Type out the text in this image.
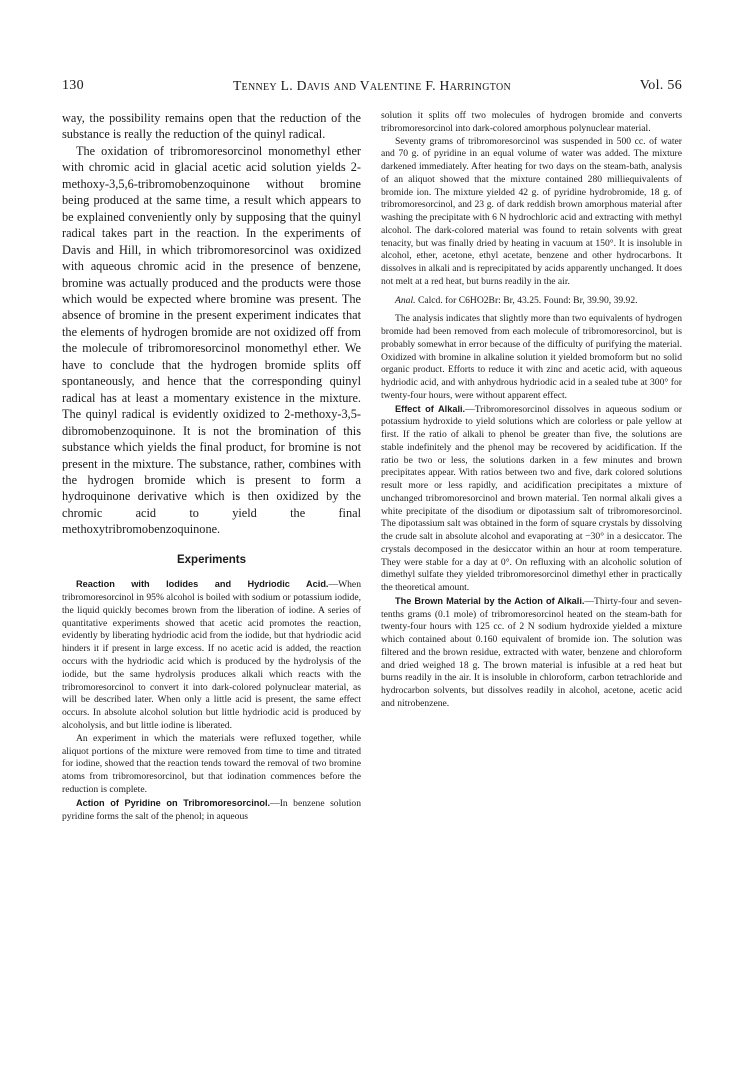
130	Tenney L. Davis and Valentine F. Harrington	Vol. 56

way, the possibility remains open that the reduction of the substance is really the reduction of the quinyl radical.

The oxidation of tribromoresorcinol monomethyl ether with chromic acid in glacial acetic acid solution yields 2-methoxy-3,5,6-tribromobenzoquinone without bromine being produced at the same time, a result which appears to be explained conveniently only by supposing that the quinyl radical takes part in the reaction. In the experiments of Davis and Hill, in which tribromoresorcinol was oxidized with aqueous chromic acid in the presence of benzene, bromine was actually produced and the products were those which would be expected where bromine was present. The absence of bromine in the present experiment indicates that the elements of hydrogen bromide are not oxidized off from the molecule of tribromoresorcinol monomethyl ether. We have to conclude that the hydrogen bromide splits off spontaneously, and hence that the corresponding quinyl radical has at least a momentary existence in the mixture. The quinyl radical is evidently oxidized to 2-methoxy-3,5-dibromobenzoquinone. It is not the bromination of this substance which yields the final product, for bromine is not present in the mixture. The substance, rather, combines with the hydrogen bromide which is present to form a hydroquinone derivative which is then oxidized by the chromic acid to yield the final methoxytribromobenzoquinone.

Experiments

Reaction with Iodides and Hydriodic Acid.—When tribromoresorcinol in 95% alcohol is boiled with sodium or potassium iodide, the liquid quickly becomes brown from the liberation of iodine. A series of quantitative experiments showed that acetic acid promotes the reaction, evidently by liberating hydriodic acid from the iodide, but that hydriodic acid hinders it if present in large excess. If no acetic acid is added, the reaction occurs with the hydriodic acid which is produced by the hydrolysis of the iodide, but the same hydrolysis produces alkali which reacts with the tribromoresorcinol to convert it into dark-colored polynuclear material, as will be described later. When only a little acid is present, the same effect occurs. In absolute alcohol solution but little hydriodic acid is produced by alcoholysis, and but little iodine is liberated.

An experiment in which the materials were refluxed together, while aliquot portions of the mixture were removed from time to time and titrated for iodine, showed that the reaction tends toward the removal of two bromine atoms from tribromoresorcinol, but that iodination commences before the reduction is complete.

Action of Pyridine on Tribromoresorcinol.—In benzene solution pyridine forms the salt of the phenol; in aqueous

solution it splits off two molecules of hydrogen bromide and converts tribromoresorcinol into dark-colored amorphous polynuclear material.

Seventy grams of tribromoresorcinol was suspended in 500 cc. of water and 70 g. of pyridine in an equal volume of water was added. The mixture darkened immediately. After heating for two days on the steam-bath, analysis of an aliquot showed that the mixture contained 280 milliequivalents of bromide ion. The mixture yielded 42 g. of pyridine hydrobromide, 18 g. of tribromoresorcinol, and 23 g. of dark reddish brown amorphous material after washing the precipitate with 6 N hydrochloric acid and extracting with methyl alcohol. The dark-colored material was found to retain solvents with great tenacity, but was finally dried by heating in vacuum at 150°. It is insoluble in alcohol, ether, acetone, ethyl acetate, benzene and other hydrocarbons. It dissolves in alkali and is reprecipitated by acids apparently unchanged. It does not melt at a red heat, but burns readily in the air.

Anal. Calcd. for C6HO2Br: Br, 43.25. Found: Br, 39.90, 39.92.

The analysis indicates that slightly more than two equivalents of hydrogen bromide had been removed from each molecule of tribromoresorcinol, but is probably somewhat in error because of the difficulty of purifying the material. Oxidized with bromine in alkaline solution it yielded bromoform but no solid organic product. Efforts to reduce it with zinc and acetic acid, with aqueous hydriodic acid, and with anhydrous hydriodic acid in a sealed tube at 300° for twenty-four hours, were without apparent effect.

Effect of Alkali.—Tribromoresorcinol dissolves in aqueous sodium or potassium hydroxide to yield solutions which are colorless or pale yellow at first. If the ratio of alkali to phenol be greater than five, the solutions are stable indefinitely and the phenol may be recovered by acidification. If the ratio be two or less, the solutions darken in a few minutes and brown precipitates appear. With ratios between two and five, dark colored solutions result more or less rapidly, and acidification precipitates a mixture of unchanged tribromoresorcinol and brown material. Ten normal alkali gives a white precipitate of the disodium or dipotassium salt of tribromoresorcinol. The dipotassium salt was obtained in the form of square crystals by dissolving the crude salt in absolute alcohol and evaporating at −30° in a desiccator. The crystals decomposed in the desiccator within an hour at room temperature. They were stable for a day at 0°. On refluxing with an alcoholic solution of dimethyl sulfate they yielded tribromoresorcinol dimethyl ether in practically the theoretical amount.

The Brown Material by the Action of Alkali.—Thirty-four and seven-tenths grams (0.1 mole) of tribromoresorcinol heated on the steam-bath for twenty-four hours with 125 cc. of 2 N sodium hydroxide yielded a mixture which contained about 0.160 equivalent of bromide ion. The solution was filtered and the brown residue, extracted with water, benzene and chloroform and dried weighed 18 g. The brown material is infusible at a red heat but burns readily in the air. It is insoluble in chloroform, carbon tetrachloride and hydrocarbon solvents, but dissolves readily in alcohol, acetone, acetic acid and nitrobenzene.
